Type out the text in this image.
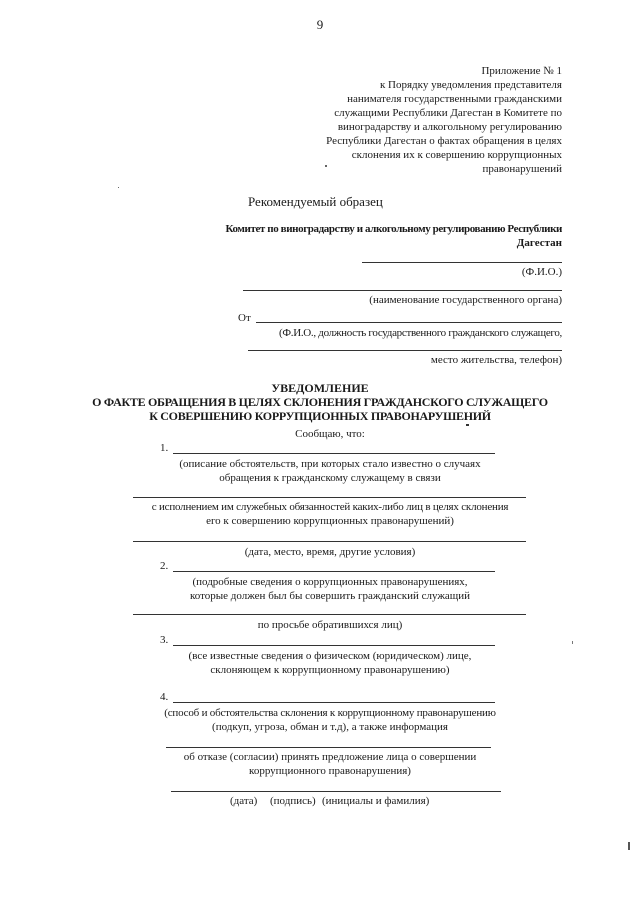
9
Приложение № 1
к Порядку уведомления представителя
нанимателя государственными гражданскими
служащими Республики Дагестан в Комитете по
виноградарству и алкогольному регулированию
Республики Дагестан о фактах обращения в целях
склонения их к совершению коррупционных
правонарушений
Рекомендуемый образец
Комитет по виноградарству и алкогольному регулированию Республики
Дагестан
(Ф.И.О.)
(наименование государственного органа)
От
(Ф.И.О., должность государственного гражданского служащего,
место жительства, телефон)
УВЕДОМЛЕНИЕ
О ФАКТЕ ОБРАЩЕНИЯ В ЦЕЛЯХ СКЛОНЕНИЯ ГРАЖДАНСКОГО СЛУЖАЩЕГО
К СОВЕРШЕНИЮ КОРРУПЦИОННЫХ ПРАВОНАРУШЕНИЙ
Сообщаю, что:
1.
(описание обстоятельств, при которых стало известно о случаях
обращения к гражданскому служащему в связи
с исполнением им служебных обязанностей каких-либо лиц в целях склонения
его к совершению коррупционных правонарушений)
(дата, место, время, другие условия)
2.
(подробные сведения о коррупционных правонарушениях,
которые должен был бы совершить гражданский служащий
по просьбе обратившихся лиц)
3.
(все известные сведения о физическом (юридическом) лице,
склоняющем к коррупционному правонарушению)
4.
(способ и обстоятельства склонения к коррупционному правонарушению
(подкуп, угроза, обман и т.д), а также информация
об отказе (согласии) принять предложение лица о совершении
коррупционного правонарушения)
(дата) (подпись) (инициалы и фамилия)
